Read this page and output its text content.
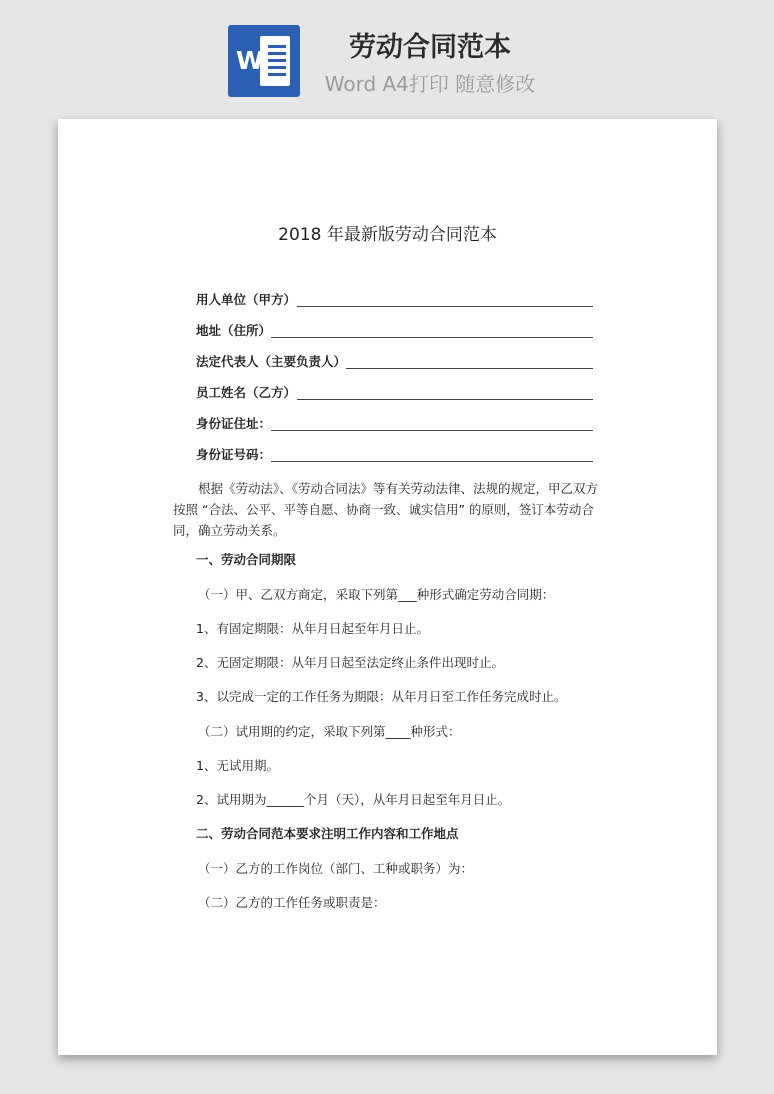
W	劳动合同范本
Word A4打印 随意修改
2018 年最新版劳动合同范本
用人单位（甲方）
地址（住所）
法定代表人（主要负责人）
员工姓名（乙方）
身份证住址：
身份证号码：
根据《劳动法》、《劳动合同法》等有关劳动法律、法规的规定，甲乙双方按照 “合法、公平、平等自愿、协商一致、诚实信用” 的原则，签订本劳动合同，确立劳动关系。
一、劳动合同期限
（一）甲、乙双方商定，采取下列第___种形式确定劳动合同期：
1、有固定期限：从年月日起至年月日止。
2、无固定期限：从年月日起至法定终止条件出现时止。
3、以完成一定的工作任务为期限：从年月日至工作任务完成时止。
（二）试用期的约定，采取下列第____种形式：
1、无试用期。
2、试用期为______个月（天），从年月日起至年月日止。
二、劳动合同范本要求注明工作内容和工作地点
（一）乙方的工作岗位（部门、工种或职务）为：
（二）乙方的工作任务或职责是：
